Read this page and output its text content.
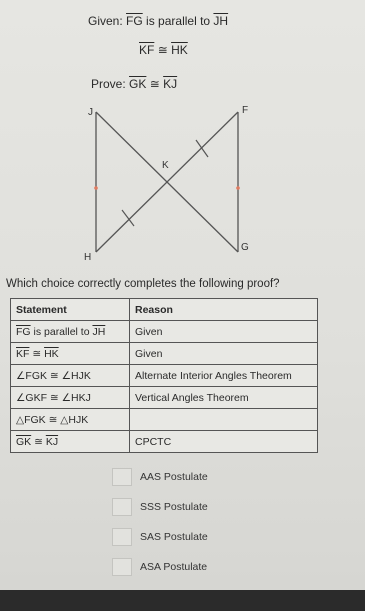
Given: $\overline{FG}$ is parallel to $\overline{JH}$
$\overline{KF}$ ≅ $\overline{HK}$
Prove: $\overline{GK}$ ≅ $\overline{KJ}$
J	F
K
H
G
Which choice correctly completes the following proof?
Statement	Reason
$\overline{FG}$ is parallel to $\overline{JH}$	Given
$\overline{KF}$ ≅ $\overline{HK}$	Given
∠FGK ≅ ∠HJK	Alternate Interior Angles Theorem
∠GKF ≅ ∠HKJ	Vertical Angles Theorem
△FGK ≅ △HJK	
$\overline{GK}$ ≅ $\overline{KJ}$	CPCTC
AAS Postulate
SSS Postulate
SAS Postulate
ASA Postulate
